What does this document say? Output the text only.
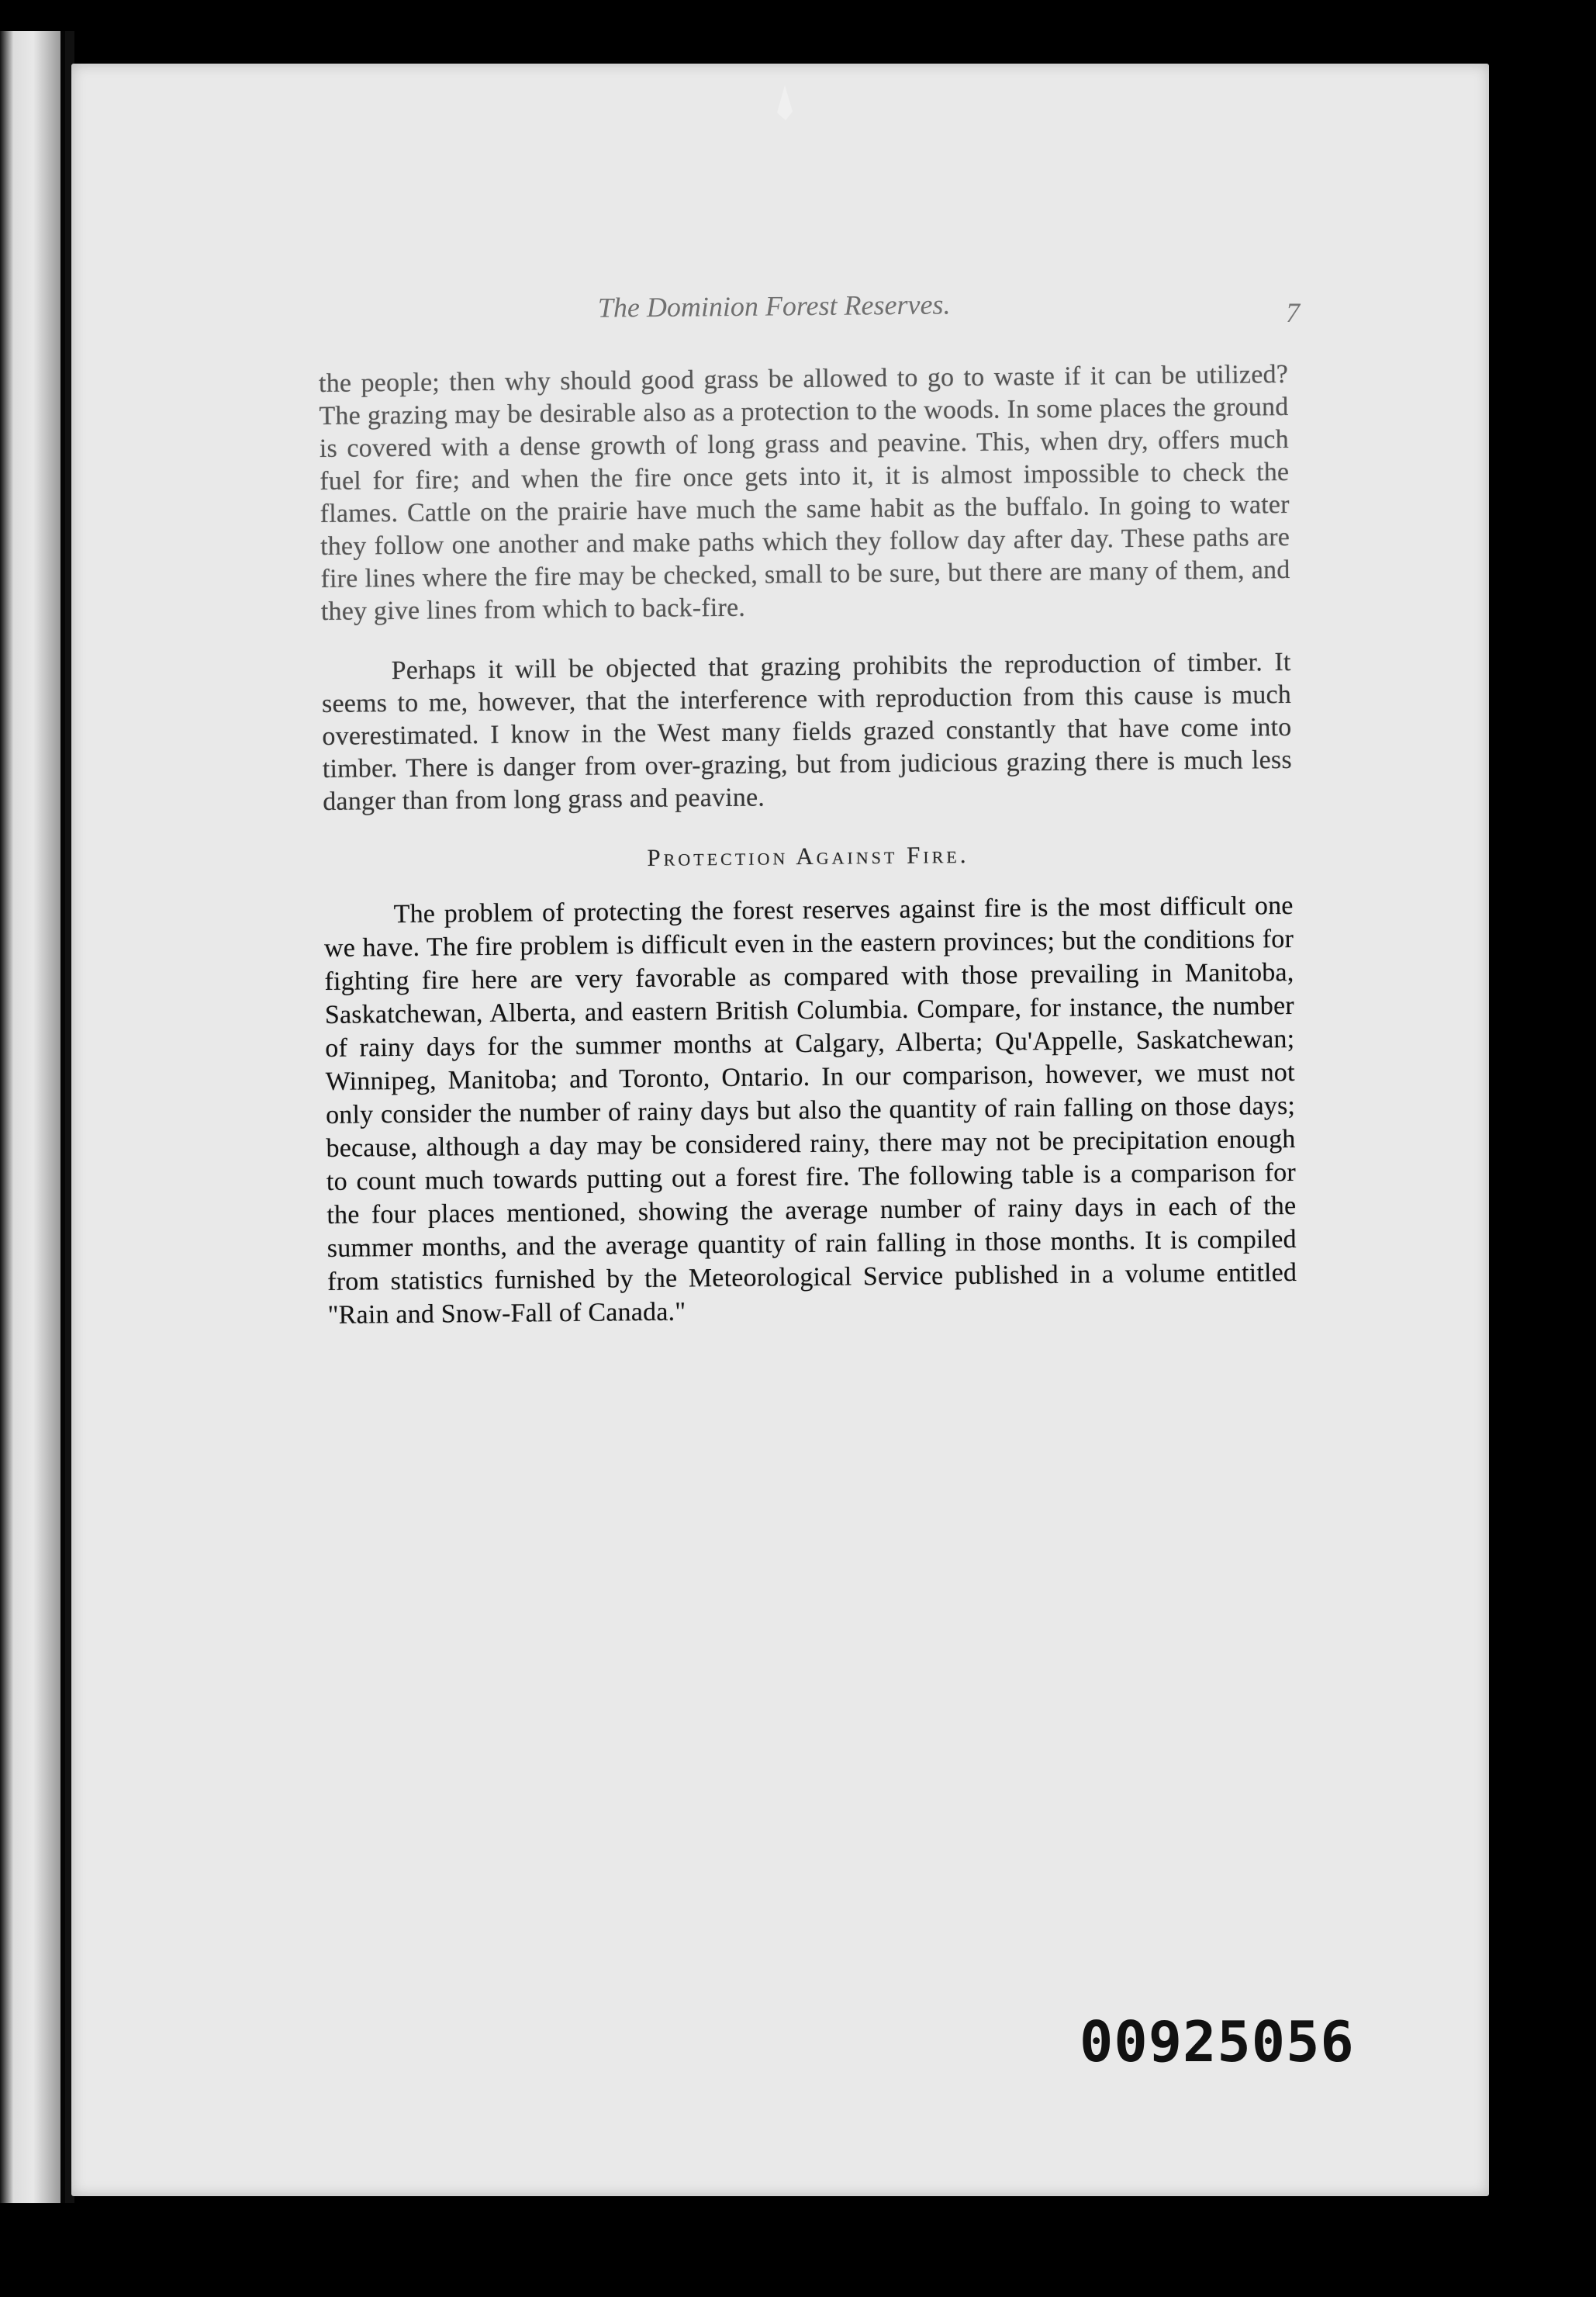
The Dominion Forest Reserves.	7

the people; then why should good grass be allowed to go to waste if it can be utilized? The grazing may be desirable also as a protection to the woods. In some places the ground is covered with a dense growth of long grass and peavine. This, when dry, offers much fuel for fire; and when the fire once gets into it, it is almost impossible to check the flames. Cattle on the prairie have much the same habit as the buffalo. In going to water they follow one another and make paths which they follow day after day. These paths are fire lines where the fire may be checked, small to be sure, but there are many of them, and they give lines from which to back-fire.

Perhaps it will be objected that grazing prohibits the reproduction of timber. It seems to me, however, that the interference with reproduction from this cause is much overestimated. I know in the West many fields grazed constantly that have come into timber. There is danger from over-grazing, but from judicious grazing there is much less danger than from long grass and peavine.

Protection Against Fire.

The problem of protecting the forest reserves against fire is the most difficult one we have. The fire problem is difficult even in the eastern provinces; but the conditions for fighting fire here are very favorable as compared with those prevailing in Manitoba, Saskatchewan, Alberta, and eastern British Columbia. Compare, for instance, the number of rainy days for the summer months at Calgary, Alberta; Qu'Appelle, Saskatchewan; Winnipeg, Manitoba; and Toronto, Ontario. In our comparison, however, we must not only consider the number of rainy days but also the quantity of rain falling on those days; because, although a day may be considered rainy, there may not be precipitation enough to count much towards putting out a forest fire. The following table is a comparison for the four places mentioned, showing the average number of rainy days in each of the summer months, and the average quantity of rain falling in those months. It is compiled from statistics furnished by the Meteorological Service published in a volume entitled "Rain and Snow-Fall of Canada."

00925056
